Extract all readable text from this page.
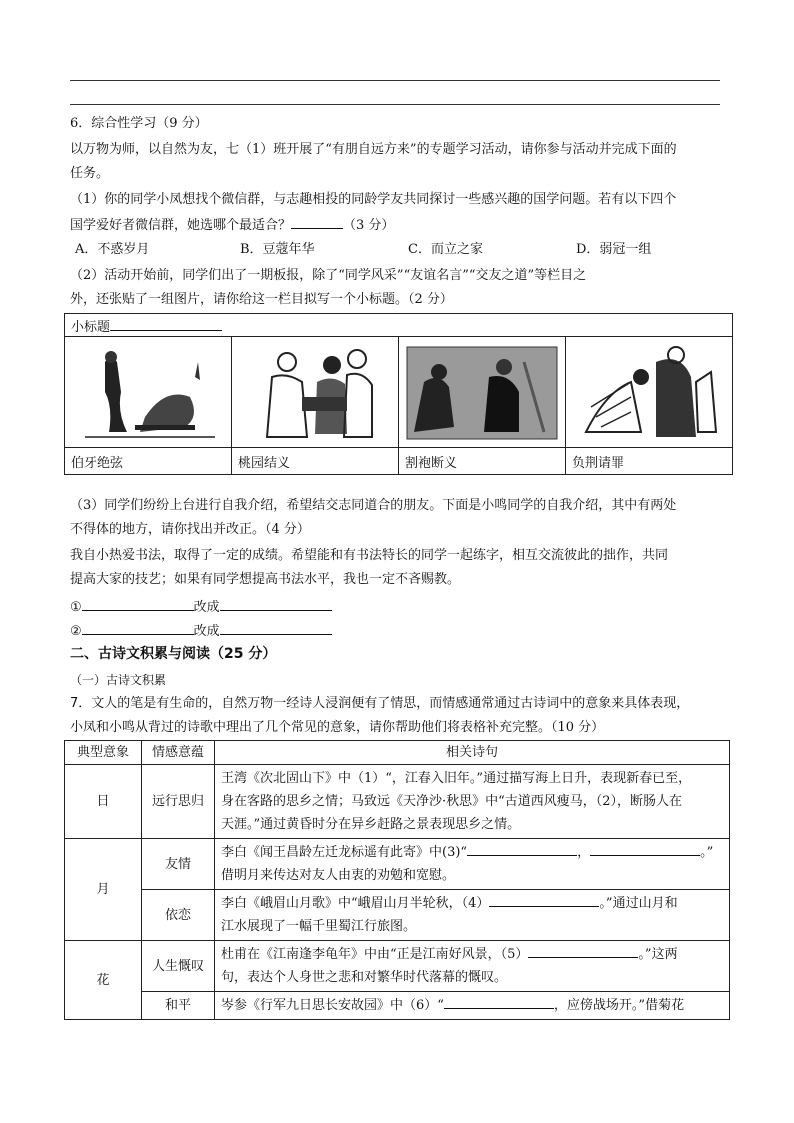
6．综合性学习（9 分）
以万物为师，以自然为友，七（1）班开展了“有朋自远方来”的专题学习活动，请你参与活动并完成下面的
任务。
（1）你的同学小凤想找个微信群，与志趣相投的同龄学友共同探讨一些感兴趣的国学问题。若有以下四个
国学爱好者微信群，她选哪个最适合？	（3 分）
A．不惑岁月	B．豆蔻年华	C．而立之家	D．弱冠一组
（2）活动开始前，同学们出了一期板报，除了“同学风采”“友谊名言”“交友之道”等栏目之
外，还张贴了一组图片，请你给这一栏目拟写一个小标题。（2 分）
小标题			

伯牙绝弦	桃园结义	割袍断义	负荆请罪
（3）同学们纷纷上台进行自我介绍，希望结交志同道合的朋友。下面是小鸣同学的自我介绍，其中有两处
不得体的地方，请你找出并改正。（4 分）
我自小热爱书法，取得了一定的成绩。希望能和有书法特长的同学一起练字，相互交流彼此的拙作，共同
提高大家的技艺；如果有同学想提高书法水平，我也一定不吝赐教。
①	改成
②	改成
二、古诗文积累与阅读（25 分）
（一）古诗文积累
7．文人的笔是有生命的，自然万物一经诗人浸润便有了情思，而情感通常通过古诗词中的意象来具体表现，
小凤和小鸣从背过的诗歌中理出了几个常见的意象，请你帮助他们将表格补充完整。（10 分）
典型意象	情感意蕴	相关诗句
日	远行思归	王湾《次北固山下》中（1）“，江春入旧年。”通过描写海上日升，表现新春已至，
身在客路的思乡之情；马致远《天净沙·秋思》中“古道西风瘦马，（2），断肠人在
天涯。”通过黄昏时分在异乡赶路之景表现思乡之情。

月	友情	李白《闻王昌龄左迁龙标遥有此寄》中(3)“ ， 。”
借明月来传达对友人由衷的劝勉和宽慰。

	依恋	李白《峨眉山月歌》中“峨眉山月半轮秋，（4） 。”通过山月和
江水展现了一幅千里蜀江行旅图。

花	人生慨叹	杜甫在《江南逢李龟年》中由“正是江南好风景，（5） 。”这两
句，表达个人身世之悲和对繁华时代落幕的慨叹。

	和平	岑参《行军九日思长安故园》中（6）“ ，应傍战场开。”借菊花
